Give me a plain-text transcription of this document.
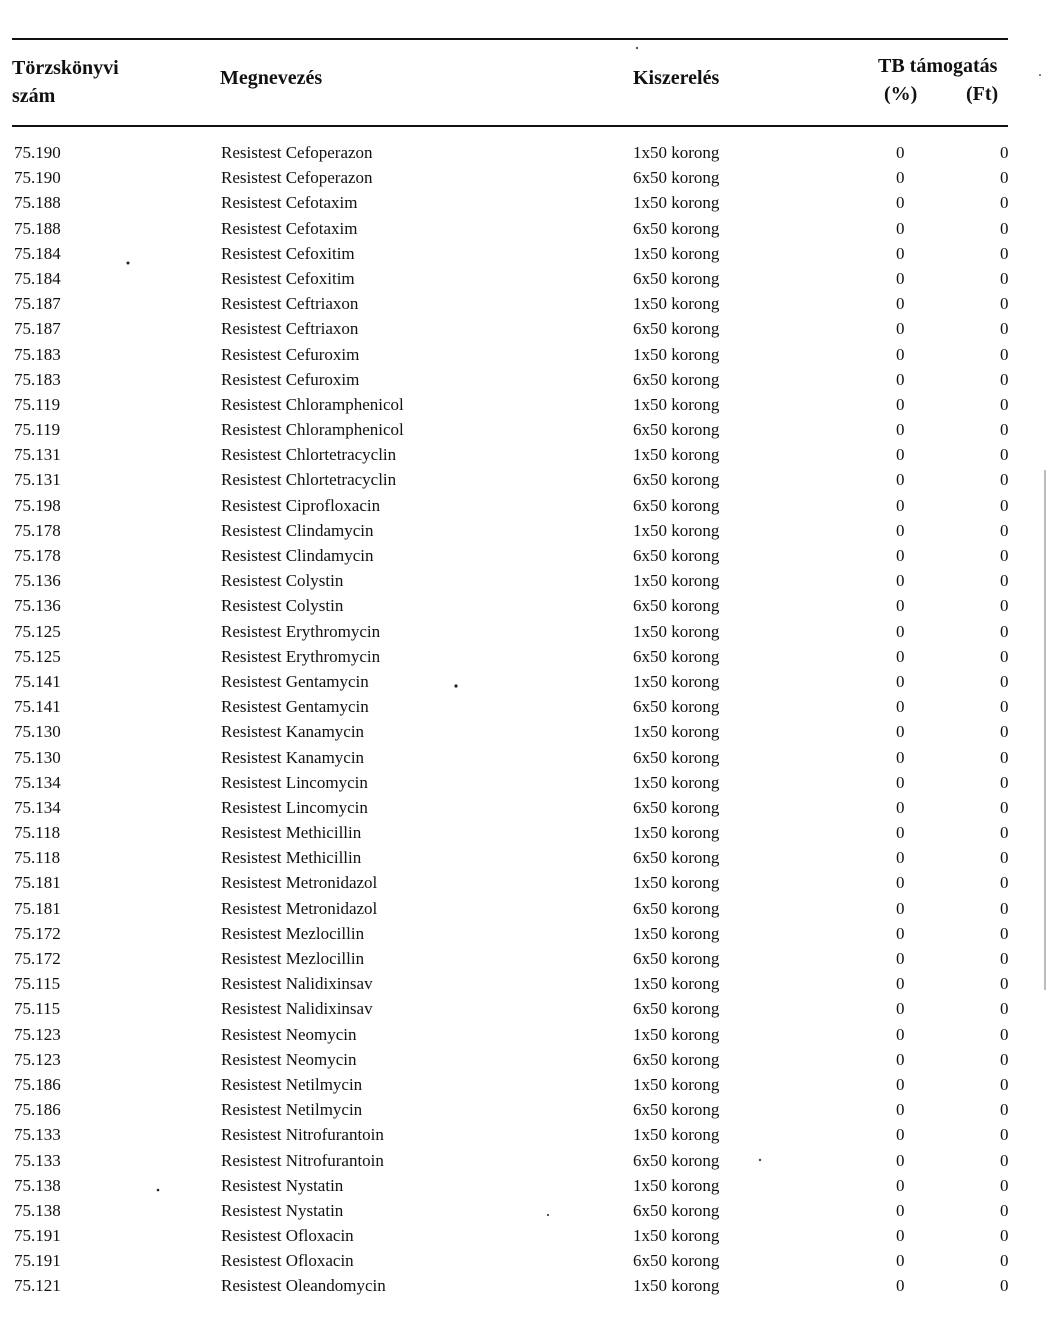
Törzskönyvi
szám
Megnevezés	Kiszerelés
TB támogatás
(%) (Ft)
75.190	Resistest Cefoperazon	1x50 korong	0	0
75.190	Resistest Cefoperazon	6x50 korong	0	0
75.188	Resistest Cefotaxim	1x50 korong	0	0
75.188	Resistest Cefotaxim	6x50 korong	0	0
75.184	Resistest Cefoxitim	1x50 korong	0	0
75.184	Resistest Cefoxitim	6x50 korong	0	0
75.187	Resistest Ceftriaxon	1x50 korong	0	0
75.187	Resistest Ceftriaxon	6x50 korong	0	0
75.183	Resistest Cefuroxim	1x50 korong	0	0
75.183	Resistest Cefuroxim	6x50 korong	0	0
75.119	Resistest Chloramphenicol	1x50 korong	0	0
75.119	Resistest Chloramphenicol	6x50 korong	0	0
75.131	Resistest Chlortetracyclin	1x50 korong	0	0
75.131	Resistest Chlortetracyclin	6x50 korong	0	0
75.198	Resistest Ciprofloxacin	6x50 korong	0	0
75.178	Resistest Clindamycin	1x50 korong	0	0
75.178	Resistest Clindamycin	6x50 korong	0	0
75.136	Resistest Colystin	1x50 korong	0	0
75.136	Resistest Colystin	6x50 korong	0	0
75.125	Resistest Erythromycin	1x50 korong	0	0
75.125	Resistest Erythromycin	6x50 korong	0	0
75.141	Resistest Gentamycin	1x50 korong	0	0
75.141	Resistest Gentamycin	6x50 korong	0	0
75.130	Resistest Kanamycin	1x50 korong	0	0
75.130	Resistest Kanamycin	6x50 korong	0	0
75.134	Resistest Lincomycin	1x50 korong	0	0
75.134	Resistest Lincomycin	6x50 korong	0	0
75.118	Resistest Methicillin	1x50 korong	0	0
75.118	Resistest Methicillin	6x50 korong	0	0
75.181	Resistest Metronidazol	1x50 korong	0	0
75.181	Resistest Metronidazol	6x50 korong	0	0
75.172	Resistest Mezlocillin	1x50 korong	0	0
75.172	Resistest Mezlocillin	6x50 korong	0	0
75.115	Resistest Nalidixinsav	1x50 korong	0	0
75.115	Resistest Nalidixinsav	6x50 korong	0	0
75.123	Resistest Neomycin	1x50 korong	0	0
75.123	Resistest Neomycin	6x50 korong	0	0
75.186	Resistest Netilmycin	1x50 korong	0	0
75.186	Resistest Netilmycin	6x50 korong	0	0
75.133	Resistest Nitrofurantoin	1x50 korong	0	0
75.133	Resistest Nitrofurantoin	6x50 korong	0	0
75.138	Resistest Nystatin	1x50 korong	0	0
75.138	Resistest Nystatin	6x50 korong	0	0
75.191	Resistest Ofloxacin	1x50 korong	0	0
75.191	Resistest Ofloxacin	6x50 korong	0	0
75.121	Resistest Oleandomycin	1x50 korong	0	0
